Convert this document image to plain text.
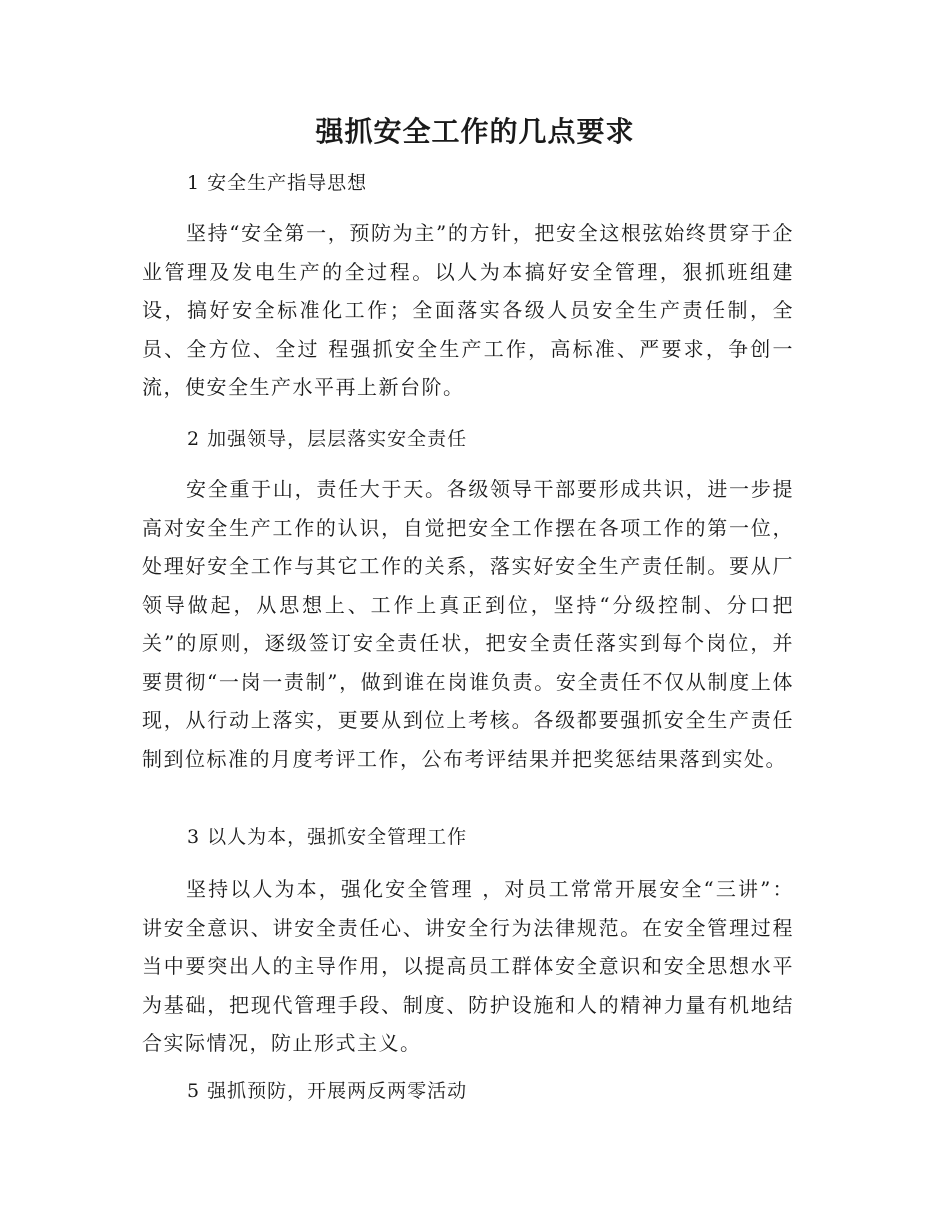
强抓安全工作的几点要求
1 安全生产指导思想

坚持“安全第一，预防为主”的方针，把安全这根弦始终贯穿于企业管理及发电生产的全过程。以人为本搞好安全管理，狠抓班组建设，搞好安全标准化工作；全面落实各级人员安全生产责任制，全员、全方位、全过 程强抓安全生产工作，高标准、严要求，争创一流，使安全生产水平再上新台阶。

2 加强领导，层层落实安全责任

安全重于山，责任大于天。各级领导干部要形成共识，进一步提高对安全生产工作的认识，自觉把安全工作摆在各项工作的第一位，处理好安全工作与其它工作的关系，落实好安全生产责任制。要从厂领导做起，从思想上、工作上真正到位，坚持“分级控制、分口把关”的原则，逐级签订安全责任状，把安全责任落实到每个岗位，并要贯彻“一岗一责制”，做到谁在岗谁负责。安全责任不仅从制度上体现，从行动上落实，更要从到位上考核。各级都要强抓安全生产责任制到位标准的月度考评工作，公布考评结果并把奖惩结果落到实处。

3 以人为本，强抓安全管理工作

坚持以人为本，强化安全管理 ，对员工常常开展安全“三讲”：讲安全意识、讲安全责任心、讲安全行为法律规范。在安全管理过程当中要突出人的主导作用，以提高员工群体安全意识和安全思想水平为基础，把现代管理手段、制度、防护设施和人的精神力量有机地结合实际情况，防止形式主义。

5 强抓预防，开展两反两零活动
